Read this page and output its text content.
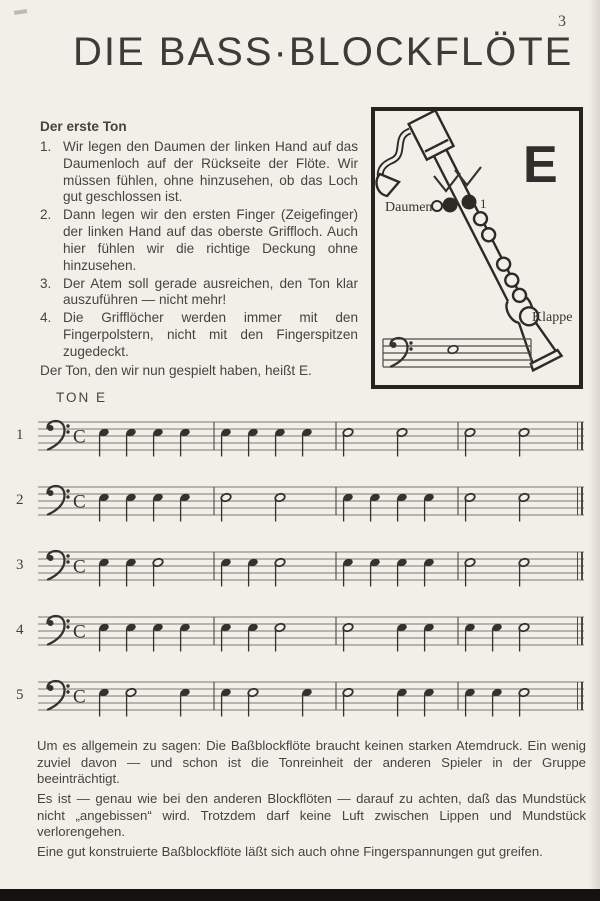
3
DIE BASS·BLOCKFLÖTE
Der erste Ton
1. Wir legen den Daumen der linken Hand auf das Daumenloch auf der Rückseite der Flöte. Wir müssen fühlen, ohne hinzusehen, ob das Loch gut geschlossen ist.
2. Dann legen wir den ersten Finger (Zeigefinger) der linken Hand auf das oberste Griffloch. Auch hier fühlen wir die richtige Deckung ohne hinzusehen.
3. Der Atem soll gerade ausreichen, den Ton klar auszuführen — nicht mehr!
4. Die Grifflöcher werden immer mit den Fingerpolstern, nicht mit den Fingerspitzen zugedeckt.

Der Ton, den wir nun gespielt haben, heißt E.

Daumen	1
Klappe
E
TON E
1	C
2	C
3	C
4	C
5	C

Um es allgemein zu sagen: Die Baßblockflöte braucht keinen starken Atemdruck. Ein wenig zuviel davon — und schon ist die Tonreinheit der anderen Spieler in der Gruppe beeinträchtigt.

Es ist — genau wie bei den anderen Blockflöten — darauf zu achten, daß das Mundstück nicht „angebissen“ wird. Trotzdem darf keine Luft zwischen Lippen und Mundstück verlorengehen.

Eine gut konstruierte Baßblockflöte läßt sich auch ohne Fingerspannungen gut greifen.
